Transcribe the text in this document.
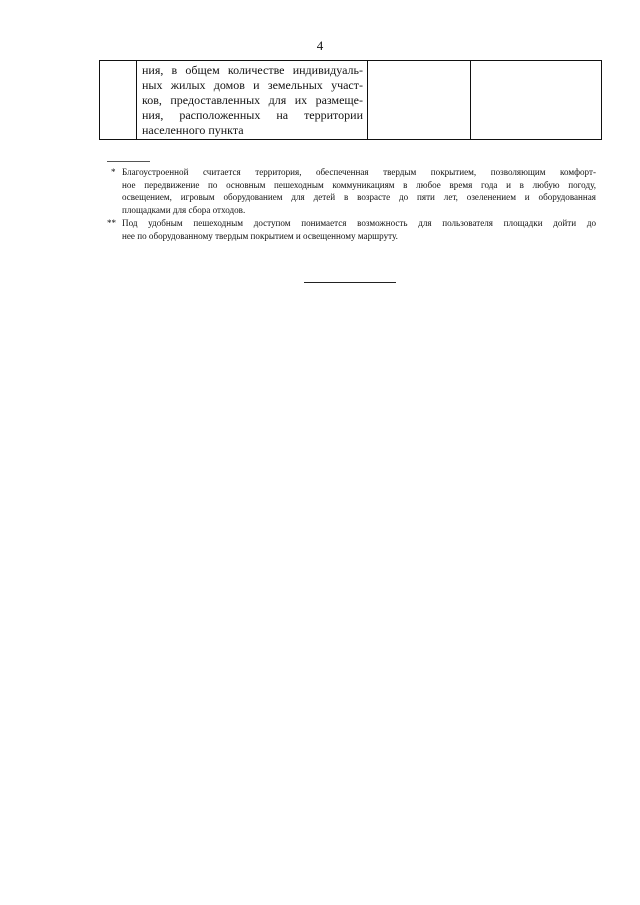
4

ния, в общем количестве индивидуаль-
ных жилых домов и земельных участ-
ков, предоставленных для их размеще-
ния, расположенных на территории
населенного пункта

* Благоустроенной считается территория, обеспеченная твердым покрытием, позволяющим комфорт-
ное передвижение по основным пешеходным коммуникациям в любое время года и в любую погоду,
освещением, игровым оборудованием для детей в возрасте до пяти лет, озеленением и оборудованная
площадками для сбора отходов.
** Под удобным пешеходным доступом понимается возможность для пользователя площадки дойти до
нее по оборудованному твердым покрытием и освещенному маршруту.
